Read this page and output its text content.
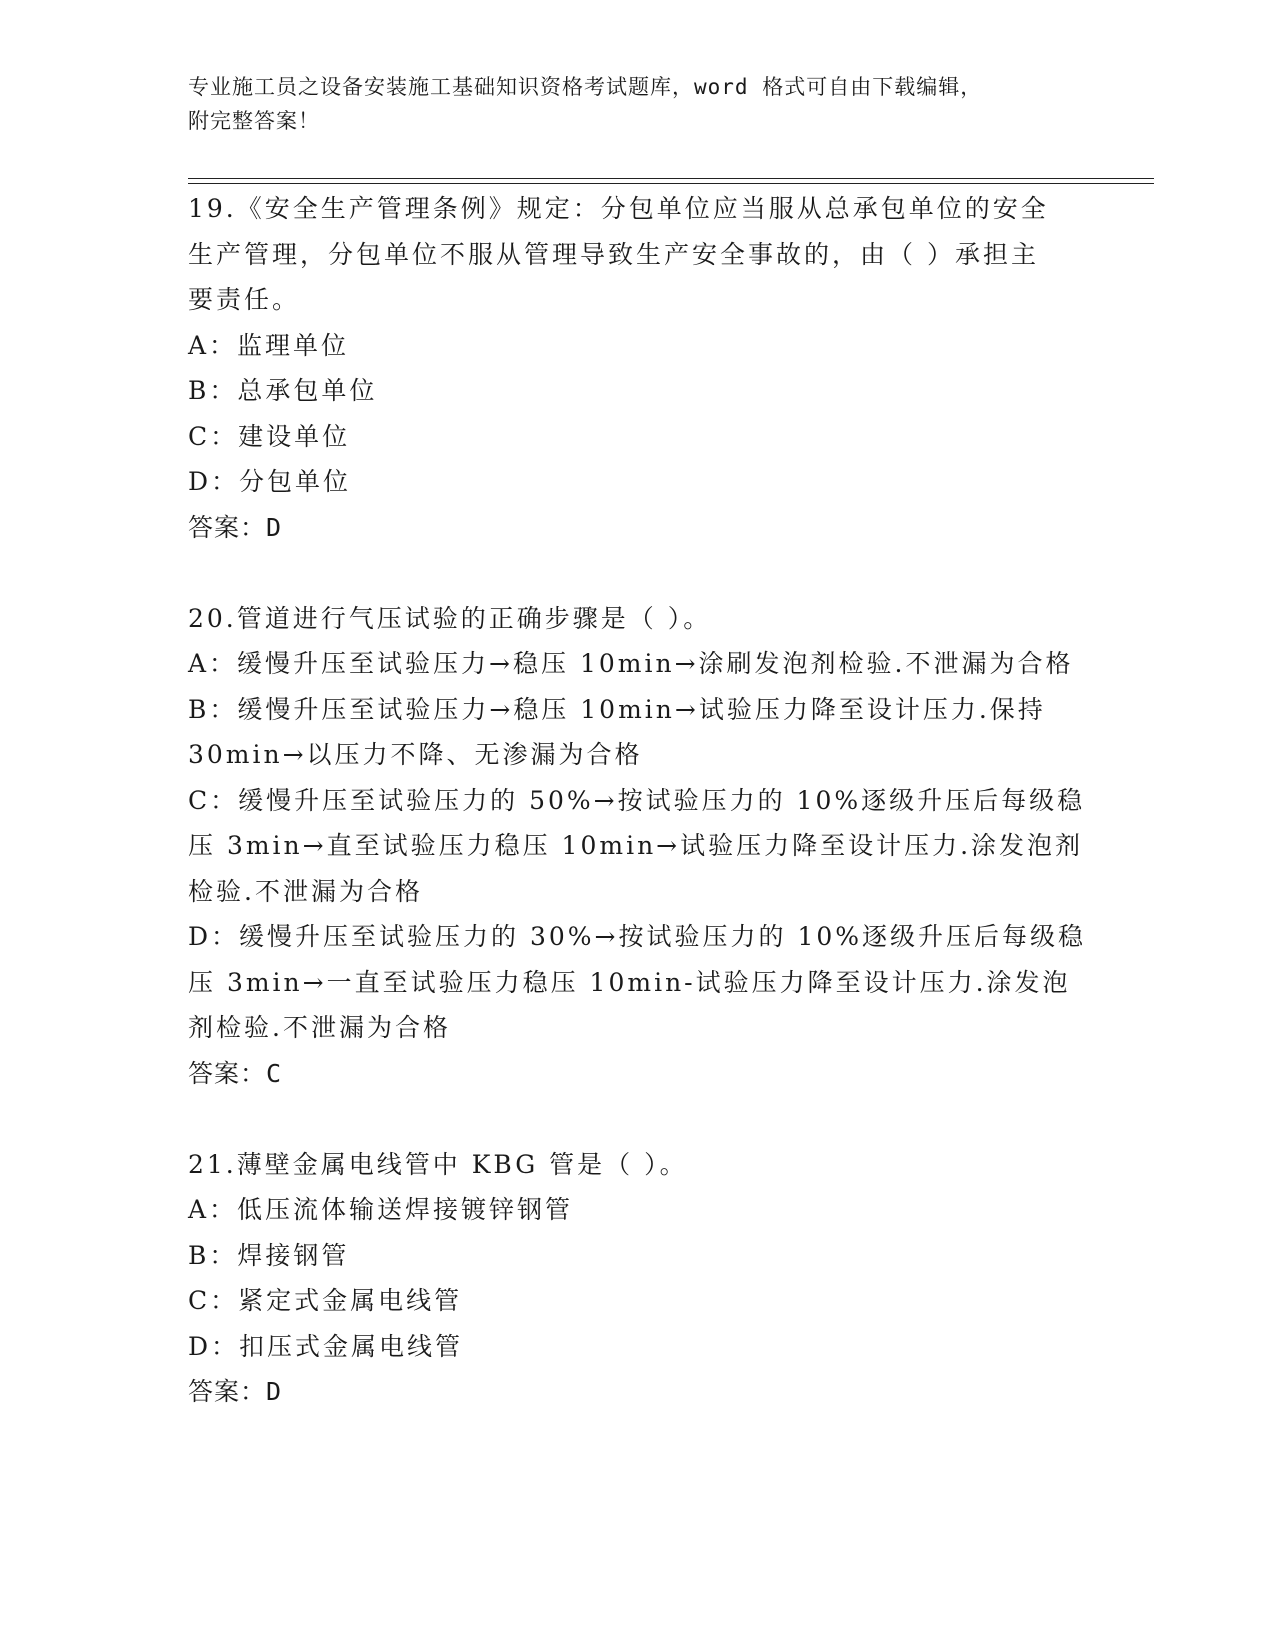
专业施工员之设备安装施工基础知识资格考试题库，word 格式可自由下载编辑，
附完整答案！
19.《安全生产管理条例》规定：分包单位应当服从总承包单位的安全
生产管理，分包单位不服从管理导致生产安全事故的，由（ ）承担主
要责任。
A：监理单位
B：总承包单位
C：建设单位
D：分包单位
答案：D
20.管道进行气压试验的正确步骤是（ ）。
A：缓慢升压至试验压力→稳压 10min→涂刷发泡剂检验.不泄漏为合格
B：缓慢升压至试验压力→稳压 10min→试验压力降至设计压力.保持
30min→以压力不降、无渗漏为合格
C：缓慢升压至试验压力的 50%→按试验压力的 10%逐级升压后每级稳
压 3min→直至试验压力稳压 10min→试验压力降至设计压力.涂发泡剂
检验.不泄漏为合格
D：缓慢升压至试验压力的 30%→按试验压力的 10%逐级升压后每级稳
压 3min→一直至试验压力稳压 10min-试验压力降至设计压力.涂发泡
剂检验.不泄漏为合格
答案：C
21.薄壁金属电线管中 KBG 管是（ ）。
A：低压流体输送焊接镀锌钢管
B：焊接钢管
C：紧定式金属电线管
D：扣压式金属电线管
答案：D
